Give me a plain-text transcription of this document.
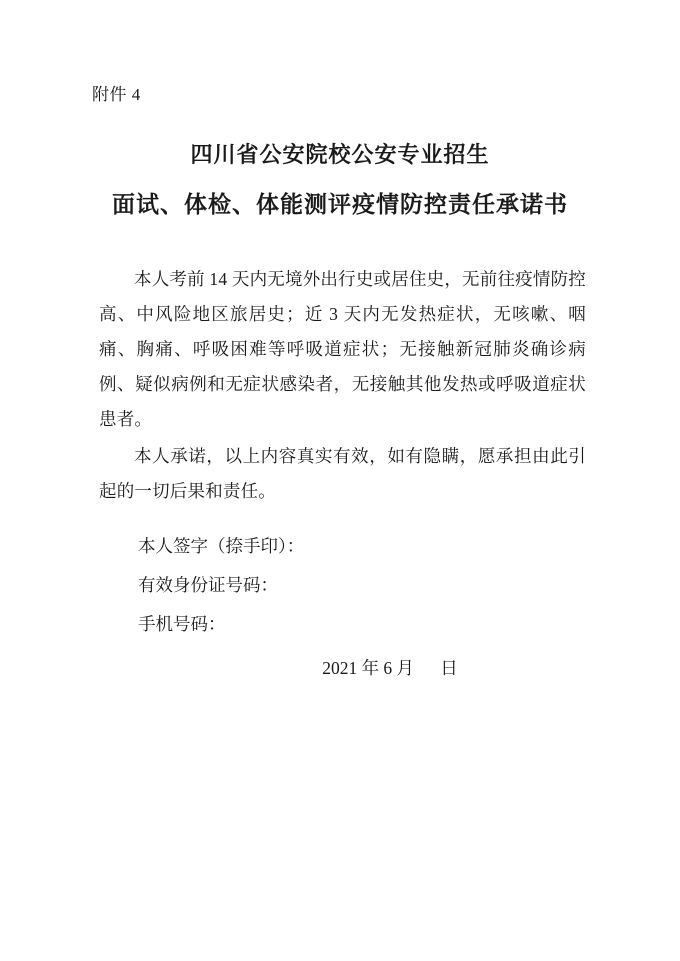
附件 4
四川省公安院校公安专业招生
面试、体检、体能测评疫情防控责任承诺书

本人考前 14 天内无境外出行史或居住史，无前往疫情防控高、中风险地区旅居史；近 3 天内无发热症状，无咳嗽、咽痛、胸痛、呼吸困难等呼吸道症状；无接触新冠肺炎确诊病例、疑似病例和无症状感染者，无接触其他发热或呼吸道症状患者。

本人承诺，以上内容真实有效，如有隐瞒，愿承担由此引起的一切后果和责任。

本人签字（捺手印）：
有效身份证号码：
手机号码：
2021 年 6 月      日
